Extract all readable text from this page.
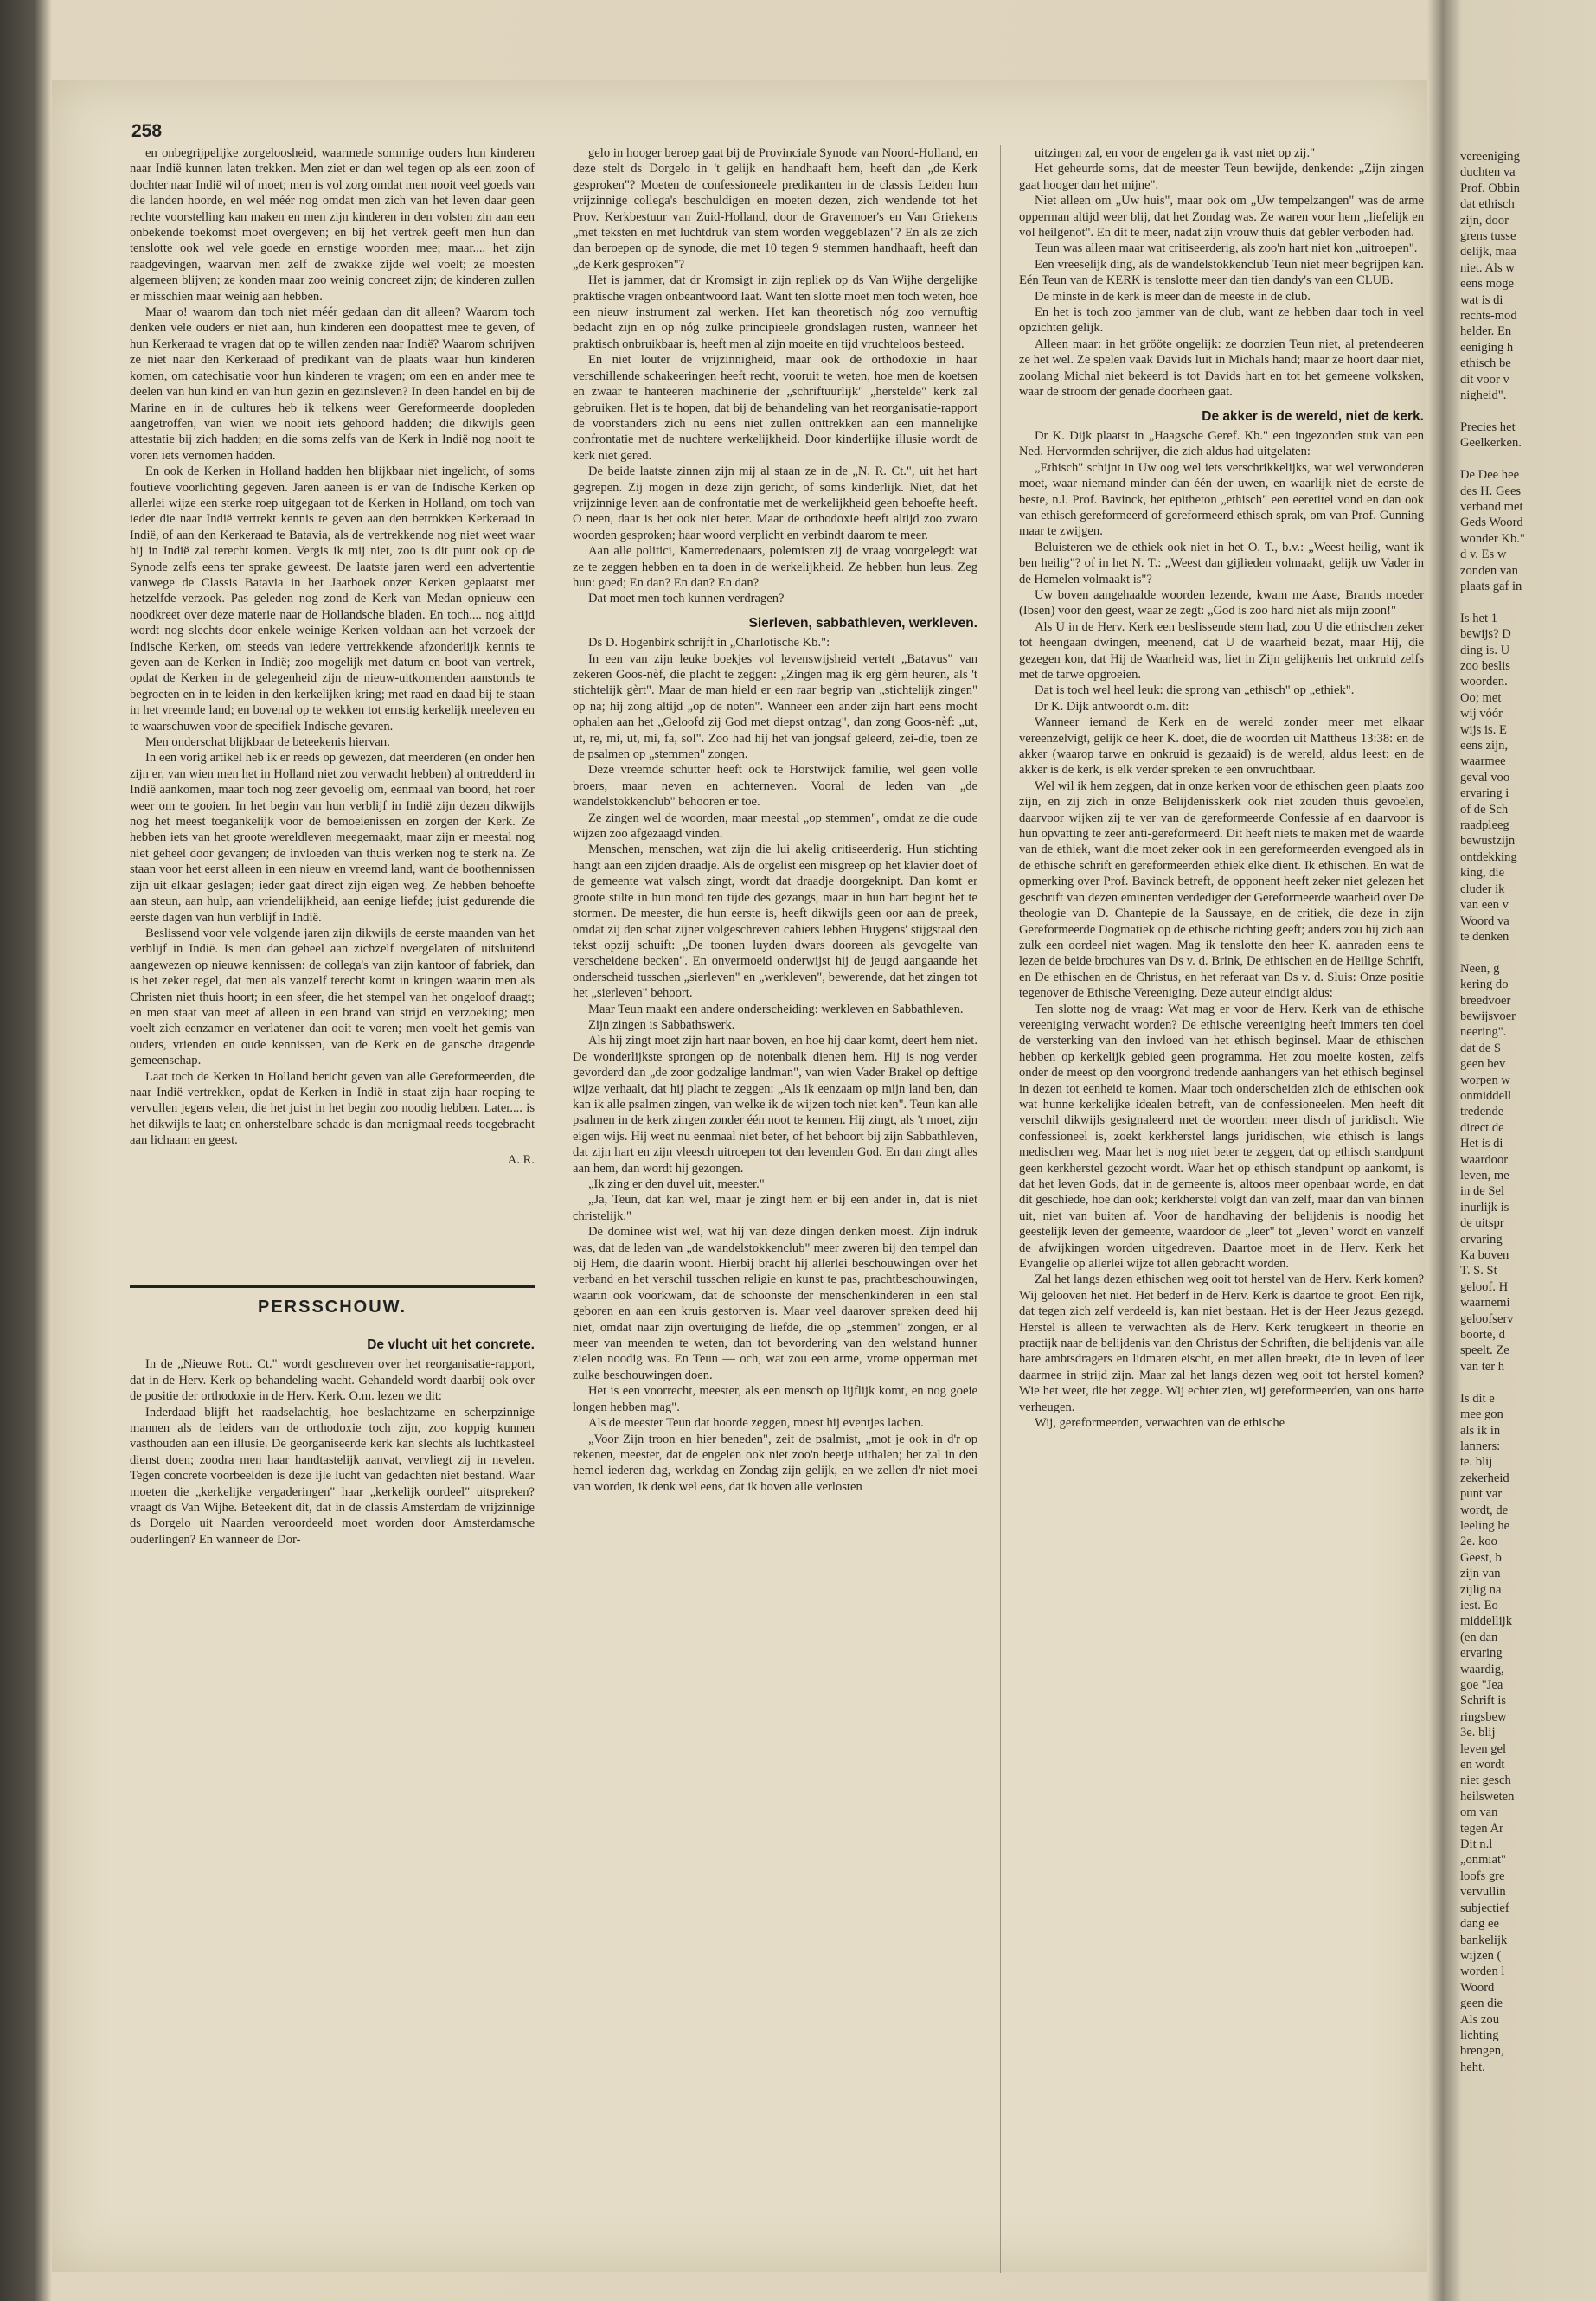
258

en onbegrijpelijke zorgeloosheid, waarmede sommige ouders hun kinderen naar Indië kunnen laten trekken. Men ziet er dan wel tegen op als een zoon of dochter naar Indië wil of moet; men is vol zorg omdat men nooit veel goeds van die landen hoorde, en wel méér nog omdat men zich van het leven daar geen rechte voorstelling kan maken en men zijn kinderen in den volsten zin aan een onbekende toekomst moet overgeven; en bij het vertrek geeft men hun dan tenslotte ook wel vele goede en ernstige woorden mee; maar.... het zijn raadgevingen, waarvan men zelf de zwakke zijde wel voelt; ze moesten algemeen blijven; ze konden maar zoo weinig concreet zijn; de kinderen zullen er misschien maar weinig aan hebben.

Maar o! waarom dan toch niet méér gedaan dan dit alleen? Waarom toch denken vele ouders er niet aan, hun kinderen een doopattest mee te geven, of hun Kerkeraad te vragen dat op te willen zenden naar Indië? Waarom schrijven ze niet naar den Kerkeraad of predikant van de plaats waar hun kinderen komen, om catechisatie voor hun kinderen te vragen; om een en ander mee te deelen van hun kind en van hun gezin en gezinsleven? In deen handel en bij de Marine en in de cultures heb ik telkens weer Gereformeerde doopleden aangetroffen, van wien we nooit iets gehoord hadden; die dikwijls geen attestatie bij zich hadden; en die soms zelfs van de Kerk in Indië nog nooit te voren iets vernomen hadden.

En ook de Kerken in Holland hadden hen blijkbaar niet ingelicht, of soms foutieve voorlichting gegeven. Jaren aaneen is er van de Indische Kerken op allerlei wijze een sterke roep uitgegaan tot de Kerken in Holland, om toch van ieder die naar Indië vertrekt kennis te geven aan den betrokken Kerkeraad in Indië, of aan den Kerkeraad te Batavia, als de vertrekkende nog niet weet waar hij in Indië zal terecht komen. Vergis ik mij niet, zoo is dit punt ook op de Synode zelfs eens ter sprake geweest. De laatste jaren werd een advertentie vanwege de Classis Batavia in het Jaarboek onzer Kerken geplaatst met hetzelfde verzoek. Pas geleden nog zond de Kerk van Medan opnieuw een noodkreet over deze materie naar de Hollandsche bladen. En toch.... nog altijd wordt nog slechts door enkele weinige Kerken voldaan aan het verzoek der Indische Kerken, om steeds van iedere vertrekkende afzonderlijk kennis te geven aan de Kerken in Indië; zoo mogelijk met datum en boot van vertrek, opdat de Kerken in de gelegenheid zijn de nieuw-uitkomenden aanstonds te begroeten en in te leiden in den kerkelijken kring; met raad en daad bij te staan in het vreemde land; en bovenal op te wekken tot ernstig kerkelijk meeleven en te waarschuwen voor de specifiek Indische gevaren.

Men onderschat blijkbaar de beteekenis hiervan.

In een vorig artikel heb ik er reeds op gewezen, dat meerderen (en onder hen zijn er, van wien men het in Holland niet zou verwacht hebben) al ontredderd in Indië aankomen, maar toch nog zeer gevoelig om, eenmaal van boord, het roer weer om te gooien. In het begin van hun verblijf in Indië zijn dezen dikwijls nog het meest toegankelijk voor de bemoeienissen en zorgen der Kerk. Ze hebben iets van het groote wereldleven meegemaakt, maar zijn er meestal nog niet geheel door gevangen; de invloeden van thuis werken nog te sterk na. Ze staan voor het eerst alleen in een nieuw en vreemd land, want de boothennissen zijn uit elkaar geslagen; ieder gaat direct zijn eigen weg. Ze hebben behoefte aan steun, aan hulp, aan vriendelijkheid, aan eenige liefde; juist gedurende die eerste dagen van hun verblijf in Indië.

Beslissend voor vele volgende jaren zijn dikwijls de eerste maanden van het verblijf in Indië. Is men dan geheel aan zichzelf overgelaten of uitsluitend aangewezen op nieuwe kennissen: de collega's van zijn kantoor of fabriek, dan is het zeker regel, dat men als vanzelf terecht komt in kringen waarin men als Christen niet thuis hoort; in een sfeer, die het stempel van het ongeloof draagt; en men staat van meet af alleen in een brand van strijd en verzoeking; men voelt zich eenzamer en verlatener dan ooit te voren; men voelt het gemis van ouders, vrienden en oude kennissen, van de Kerk en de gansche dragende gemeenschap.

Laat toch de Kerken in Holland bericht geven van alle Gereformeerden, die naar Indië vertrekken, opdat de Kerken in Indië in staat zijn haar roeping te vervullen jegens velen, die het juist in het begin zoo noodig hebben. Later.... is het dikwijls te laat; en onherstelbare schade is dan menigmaal reeds toegebracht aan lichaam en geest.

A. R.
PERSSCHOUW.
De vlucht uit het concrete.

In de „Nieuwe Rott. Ct." wordt geschreven over het reorganisatie-rapport, dat in de Herv. Kerk op behandeling wacht. Gehandeld wordt daarbij ook over de positie der orthodoxie in de Herv. Kerk. O.m. lezen we dit:

Inderdaad blijft het raadselachtig, hoe beslachtzame en scherpzinnige mannen als de leiders van de orthodoxie toch zijn, zoo koppig kunnen vasthouden aan een illusie. De georganiseerde kerk kan slechts als luchtkasteel dienst doen; zoodra men haar handtastelijk aanvat, vervliegt zij in nevelen. Tegen concrete voorbeelden is deze ijle lucht van gedachten niet bestand. Waar moeten die „kerkelijke vergaderingen" haar „kerkelijk oordeel" uitspreken? vraagt ds Van Wijhe. Beteekent dit, dat in de classis Amsterdam de vrijzinnige ds Dorgelo uit Naarden veroordeeld moet worden door Amsterdamsche ouderlingen? En wanneer de Dor-

gelo in hooger beroep gaat bij de Provinciale Synode van Noord-Holland, en deze stelt ds Dorgelo in 't gelijk en handhaaft hem, heeft dan „de Kerk gesproken"? Moeten de confessioneele predikanten in de classis Leiden hun vrijzinnige collega's beschuldigen en moeten dezen, zich wendende tot het Prov. Kerkbestuur van Zuid-Holland, door de Gravemoer's en Van Griekens „met teksten en met luchtdruk van stem worden weggeblazen"? En als ze zich dan beroepen op de synode, die met 10 tegen 9 stemmen handhaaft, heeft dan „de Kerk gesproken"?

Het is jammer, dat dr Kromsigt in zijn repliek op ds Van Wijhe dergelijke praktische vragen onbeantwoord laat. Want ten slotte moet men toch weten, hoe een nieuw instrument zal werken. Het kan theoretisch nóg zoo vernuftig bedacht zijn en op nóg zulke principieele grondslagen rusten, wanneer het praktisch onbruikbaar is, heeft men al zijn moeite en tijd vruchteloos besteed.

En niet louter de vrijzinnigheid, maar ook de orthodoxie in haar verschillende schakeeringen heeft recht, vooruit te weten, hoe men de koetsen en zwaar te hanteeren machinerie der „schriftuurlijk" „herstelde" kerk zal gebruiken. Het is te hopen, dat bij de behandeling van het reorganisatie-rapport de voorstanders zich nu eens niet zullen onttrekken aan een mannelijke confrontatie met de nuchtere werkelijkheid. Door kinderlijke illusie wordt de kerk niet gered.

De beide laatste zinnen zijn mij al staan ze in de „N. R. Ct.", uit het hart gegrepen. Zij mogen in deze zijn gericht, of soms kinderlijk. Niet, dat het vrijzinnige leven aan de confrontatie met de werkelijkheid geen behoefte heeft. O neen, daar is het ook niet beter. Maar de orthodoxie heeft altijd zoo zwaro woorden gesproken; haar woord verplicht en verbindt daarom te meer.

Aan alle politici, Kamerredenaars, polemisten zij de vraag voorgelegd: wat ze te zeggen hebben en ta doen in de werkelijkheid. Ze hebben hun leus. Zeg hun: goed; En dan? En dan? En dan?

Dat moet men toch kunnen verdragen?

Sierleven, sabbathleven, werkleven.

Ds D. Hogenbirk schrijft in „Charlotische Kb.":

In een van zijn leuke boekjes vol levenswijsheid vertelt „Batavus" van zekeren Goos-nèf, die placht te zeggen: „Zingen mag ik erg gèrn heuren, als 't stichtelijk gèrt". Maar de man hield er een raar begrip van „stichtelijk zingen" op na; hij zong altijd „op de noten". Wanneer een ander zijn hart eens mocht ophalen aan het „Geloofd zij God met diepst ontzag", dan zong Goos-nèf: „ut, ut, re, mi, ut, mi, fa, sol". Zoo had hij het van jongsaf geleerd, zei-die, toen ze de psalmen op „stemmen" zongen.

Deze vreemde schutter heeft ook te Horstwijck familie, wel geen volle broers, maar neven en achterneven. Vooral de leden van „de wandelstokkenclub" behooren er toe.

Ze zingen wel de woorden, maar meestal „op stemmen", omdat ze die oude wijzen zoo afgezaagd vinden.

Menschen, menschen, wat zijn die lui akelig critiseerderig. Hun stichting hangt aan een zijden draadje. Als de orgelist een misgreep op het klavier doet of de gemeente wat valsch zingt, wordt dat draadje doorgeknipt. Dan komt er groote stilte in hun mond ten tijde des gezangs, maar in hun hart begint het te stormen. De meester, die hun eerste is, heeft dikwijls geen oor aan de preek, omdat zij den schat zijner volgeschreven cahiers lebben Huygens' stijgstaal den tekst opzij schuift: „De toonen luyden dwars dooreen als gevogelte van verscheidene becken". En onvermoeid onderwijst hij de jeugd aangaande het onderscheid tusschen „sierleven" en „werkleven", bewerende, dat het zingen tot het „sierleven" behoort.

Maar Teun maakt een andere onderscheiding: werkleven en Sabbathleven.

Zijn zingen is Sabbathswerk.

Als hij zingt moet zijn hart naar boven, en hoe hij daar komt, deert hem niet. De wonderlijkste sprongen op de notenbalk dienen hem. Hij is nog verder gevorderd dan „de zoor godzalige landman", van wien Vader Brakel op deftige wijze verhaalt, dat hij placht te zeggen: „Als ik eenzaam op mijn land ben, dan kan ik alle psalmen zingen, van welke ik de wijzen toch niet ken". Teun kan alle psalmen in de kerk zingen zonder één noot te kennen. Hij zingt, als 't moet, zijn eigen wijs. Hij weet nu eenmaal niet beter, of het behoort bij zijn Sabbathleven, dat zijn hart en zijn vleesch uitroepen tot den levenden God. En dan zingt alles aan hem, dan wordt hij gezongen.

„Ik zing er den duvel uit, meester."

„Ja, Teun, dat kan wel, maar je zingt hem er bij een ander in, dat is niet christelijk."

De dominee wist wel, wat hij van deze dingen denken moest. Zijn indruk was, dat de leden van „de wandelstokkenclub" meer zweren bij den tempel dan bij Hem, die daarin woont. Hierbij bracht hij allerlei beschouwingen over het verband en het verschil tusschen religie en kunst te pas, prachtbeschouwingen, waarin ook voorkwam, dat de schoonste der menschenkinderen in een stal geboren en aan een kruis gestorven is. Maar veel daarover spreken deed hij niet, omdat naar zijn overtuiging de liefde, die op „stemmen" zongen, er al meer van meenden te weten, dan tot bevordering van den welstand hunner zielen noodig was. En Teun — och, wat zou een arme, vrome opperman met zulke beschouwingen doen.

Het is een voorrecht, meester, als een mensch op lijflijk komt, en nog goeie longen hebben mag".

Als de meester Teun dat hoorde zeggen, moest hij eventjes lachen.

„Voor Zijn troon en hier beneden", zeit de psalmist, „mot je ook in d'r op rekenen, meester, dat de engelen ook niet zoo'n beetje uithalen; het zal in den hemel iederen dag, werkdag en Zondag zijn gelijk, en we zellen d'r niet moei van worden, ik denk wel eens, dat ik boven alle verlosten

uitzingen zal, en voor de engelen ga ik vast niet op zij."

Het geheurde soms, dat de meester Teun bewijde, denkende: „Zijn zingen gaat hooger dan het mijne".

Niet alleen om „Uw huis", maar ook om „Uw tempelzangen" was de arme opperman altijd weer blij, dat het Zondag was. Ze waren voor hem „liefelijk en vol heilgenot". En dit te meer, nadat zijn vrouw thuis dat gebler verboden had.

Teun was alleen maar wat critiseerderig, als zoo'n hart niet kon „uitroepen".

Een vreeselijk ding, als de wandelstokkenclub Teun niet meer begrijpen kan. Eén Teun van de KERK is tenslotte meer dan tien dandy's van een CLUB.

De minste in de kerk is meer dan de meeste in de club.

En het is toch zoo jammer van de club, want ze hebben daar toch in veel opzichten gelijk.

Alleen maar: in het grööte ongelijk: ze doorzien Teun niet, al pretendeeren ze het wel. Ze spelen vaak Davids luit in Michals hand; maar ze hoort daar niet, zoolang Michal niet bekeerd is tot Davids hart en tot het gemeene volksken, waar de stroom der genade doorheen gaat.

De akker is de wereld, niet de kerk.

Dr K. Dijk plaatst in „Haagsche Geref. Kb." een ingezonden stuk van een Ned. Hervormden schrijver, die zich aldus had uitgelaten:

„Ethisch" schijnt in Uw oog wel iets verschrikkelijks, wat wel verwonderen moet, waar niemand minder dan één der uwen, en waarlijk niet de eerste de beste, n.l. Prof. Bavinck, het epitheton „ethisch" een eeretitel vond en dan ook van ethisch gereformeerd of gereformeerd ethisch sprak, om van Prof. Gunning maar te zwijgen.

Beluisteren we de ethiek ook niet in het O. T., b.v.: „Weest heilig, want ik ben heilig"? of in het N. T.: „Weest dan gijlieden volmaakt, gelijk uw Vader in de Hemelen volmaakt is"?

Uw boven aangehaalde woorden lezende, kwam me Aase, Brands moeder (Ibsen) voor den geest, waar ze zegt: „God is zoo hard niet als mijn zoon!"

Als U in de Herv. Kerk een beslissende stem had, zou U die ethischen zeker tot heengaan dwingen, meenend, dat U de waarheid bezat, maar Hij, die gezegen kon, dat Hij de Waarheid was, liet in Zijn gelijkenis het onkruid zelfs met de tarwe opgroeien.

Dat is toch wel heel leuk: die sprong van „ethisch" op „ethiek".

Dr K. Dijk antwoordt o.m. dit:

Wanneer iemand de Kerk en de wereld zonder meer met elkaar vereenzelvigt, gelijk de heer K. doet, die de woorden uit Mattheus 13:38: en de akker (waarop tarwe en onkruid is gezaaid) is de wereld, aldus leest: en de akker is de kerk, is elk verder spreken te een onvruchtbaar.

Wel wil ik hem zeggen, dat in onze kerken voor de ethischen geen plaats zoo zijn, en zij zich in onze Belijdenisskerk ook niet zouden thuis gevoelen, daarvoor wijken zij te ver van de gereformeerde Confessie af en daarvoor is hun opvatting te zeer anti-gereformeerd. Dit heeft niets te maken met de waarde van de ethiek, want die moet zeker ook in een gereformeerden evengoed als in de ethische schrift en gereformeerden ethiek elke dient. Ik ethischen. En wat de opmerking over Prof. Bavinck betreft, de opponent heeft zeker niet gelezen het geschrift van dezen eminenten verdediger der Gereformeerde waarheid over De theologie van D. Chantepie de la Saussaye, en de critiek, die deze in zijn Gereformeerde Dogmatiek op de ethische richting geeft; anders zou hij zich aan zulk een oordeel niet wagen. Mag ik tenslotte den heer K. aanraden eens te lezen de beide brochures van Ds v. d. Brink, De ethischen en de Heilige Schrift, en De ethischen en de Christus, en het referaat van Ds v. d. Sluis: Onze positie tegenover de Ethische Vereeniging. Deze auteur eindigt aldus:

Ten slotte nog de vraag: Wat mag er voor de Herv. Kerk van de ethische vereeniging verwacht worden? De ethische vereeniging heeft immers ten doel de versterking van den invloed van het ethisch beginsel. Maar de ethischen hebben op kerkelijk gebied geen programma. Het zou moeite kosten, zelfs onder de meest op den voorgrond tredende aanhangers van het ethisch beginsel in dezen tot eenheid te komen. Maar toch onderscheiden zich de ethischen ook wat hunne kerkelijke idealen betreft, van de confessioneelen. Men heeft dit verschil dikwijls gesignaleerd met de woorden: meer disch of juridisch. Wie confessioneel is, zoekt kerkherstel langs juridischen, wie ethisch is langs medischen weg. Maar het is nog niet beter te zeggen, dat op ethisch standpunt geen kerkherstel gezocht wordt. Waar het op ethisch standpunt op aankomt, is dat het leven Gods, dat in de gemeente is, altoos meer openbaar worde, en dat dit geschiede, hoe dan ook; kerkherstel volgt dan van zelf, maar dan van binnen uit, niet van buiten af. Voor de handhaving der belijdenis is noodig het geestelijk leven der gemeente, waardoor de „leer" tot „leven" wordt en vanzelf de afwijkingen worden uitgedreven. Daartoe moet in de Herv. Kerk het Evangelie op allerlei wijze tot allen gebracht worden.

Zal het langs dezen ethischen weg ooit tot herstel van de Herv. Kerk komen? Wij gelooven het niet. Het bederf in de Herv. Kerk is daartoe te groot. Een rijk, dat tegen zich zelf verdeeld is, kan niet bestaan. Het is der Heer Jezus gezegd. Herstel is alleen te verwachten als de Herv. Kerk terugkeert in theorie en practijk naar de belijdenis van den Christus der Schriften, die belijdenis van alle hare ambtsdragers en lidmaten eischt, en met allen breekt, die in leven of leer daarmee in strijd zijn. Maar zal het langs dezen weg ooit tot herstel komen? Wie het weet, die het zegge. Wij echter zien, wij gereformeerden, van ons harte verheugen.

Wij, gereformeerden, verwachten van de ethische

vereeniging
duchten va
Prof. Obbin
dat ethisch
zijn, door
grens tusse
delijk, maa
niet. Als w
eens moge
wat is di
rechts-mod
helder. En
eeniging h
ethisch be
dit voor v
nigheid".

Precies het
Geelkerken.

De Dee hee
des H. Gees
verband met
Geds Woord
wonder Kb."
d v. Es w
zonden van
plaats gaf in

Is het 1
bewijs? D
ding is. U
zoo beslis
woorden.
Oo; met
wij vóór
wijs is. E
eens zijn,
waarmee
geval voo
ervaring i
of de Sch
raadpleeg
bewustzijn
ontdekking
king, die
cluder ik
van een v
Woord va
te denken

Neen, g
kering do
breedvoer
bewijsvoer
neering".
dat de S
geen bev
worpen w
onmiddell
tredende
direct de
Het is di
waardoor
leven, me
in de Sel
inurlijk is
de uitspr
ervaring
Ka boven
T. S. St
geloof. H
waarnemi
geloofserv
boorte, d
speelt. Ze
van ter h

Is dit e
mee gon
als ik in
lanners:
te. blij
zekerheid
punt var
wordt, de
leeling he
2e. koo
Geest, b
zijn van
zijlig na
iest. Eo
middellijk
(en dan
ervaring
waardig,
goe "Jea
Schrift is
ringsbew
3e. blij
leven gel
en wordt
niet gesch
heilsweten
om van
tegen Ar
Dit n.l
„onmiat"
loofs gre
vervullin
subjectief
dang ee
bankelijk
wijzen (
worden l
Woord
geen die
Als zou
lichting
brengen,
heht.
